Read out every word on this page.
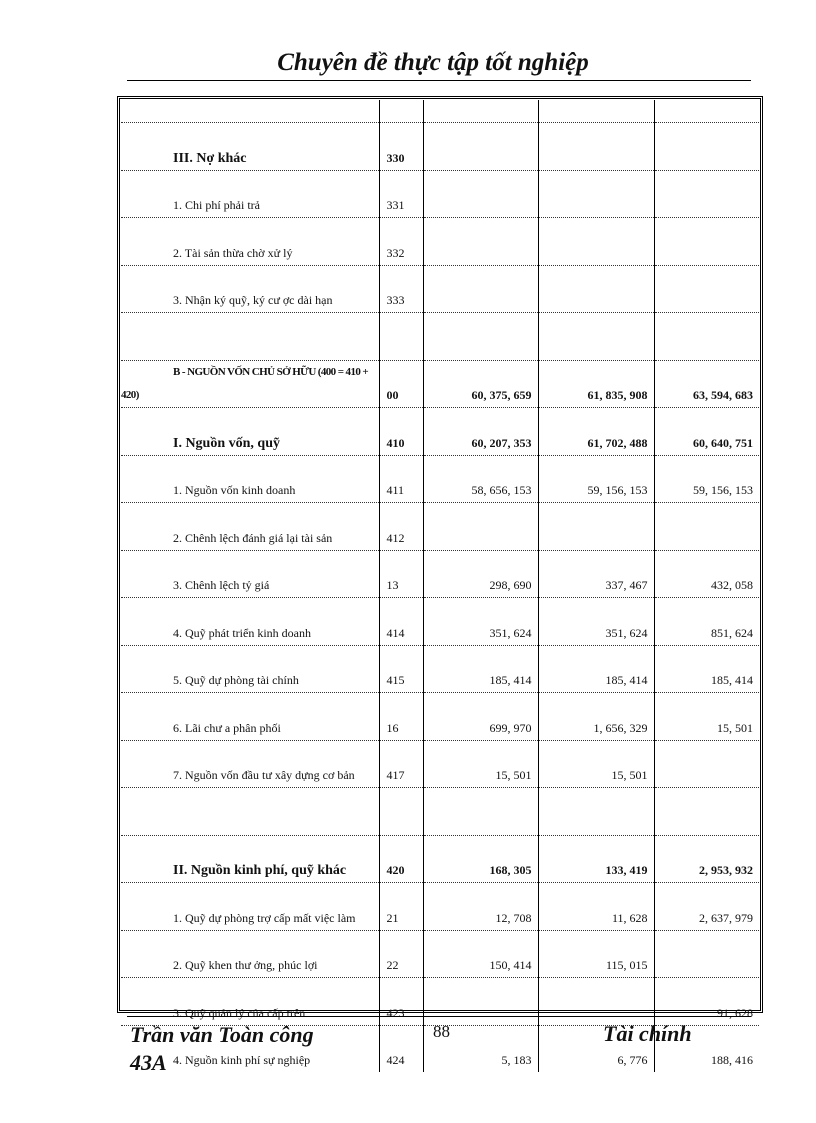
Chuyên đề thực tập tốt nghiệp

III. Nợ khác	330			
1. Chi phí phải trả	331			
2. Tài sản thừa chờ xử lý	332			
3. Nhận ký quỹ, ký cư ợc dài hạn	333			

B - NGUỒN VỐN CHỦ SỞ HỮU (400 = 410 + 420)	00	60, 375, 659	61, 835, 908	63, 594, 683
I. Nguồn vốn, quỹ	410	60, 207, 353	61, 702, 488	60, 640, 751
1. Nguồn vốn kinh doanh	411	58, 656, 153	59, 156, 153	59, 156, 153
2. Chênh lệch đánh giá lại tài sản	412			
3. Chênh lệch tỷ giá	13	298, 690	337, 467	432, 058
4. Quỹ phát triển kinh doanh	414	351, 624	351, 624	851, 624
5. Quỹ dự phòng tài chính	415	185, 414	185, 414	185, 414
6. Lãi chư a phân phối	16	699, 970	1, 656, 329	15, 501
7. Nguồn vốn đầu tư xây dựng cơ bản	417	15, 501	15, 501	

II. Nguồn kinh phí, quỹ khác	420	168, 305	133, 419	2, 953, 932
1. Quỹ dự phòng trợ cấp mất việc làm	21	12, 708	11, 628	2, 637, 979
2. Quỹ khen thư ởng, phúc lợi	22	150, 414	115, 015	
3. Quỹ quản lý của cấp trên	423			91, 628
4. Nguồn kinh phí sự nghiệp	424	5, 183	6, 776	188, 416
Trần văn Toàn công 43A
88	Tài chính
